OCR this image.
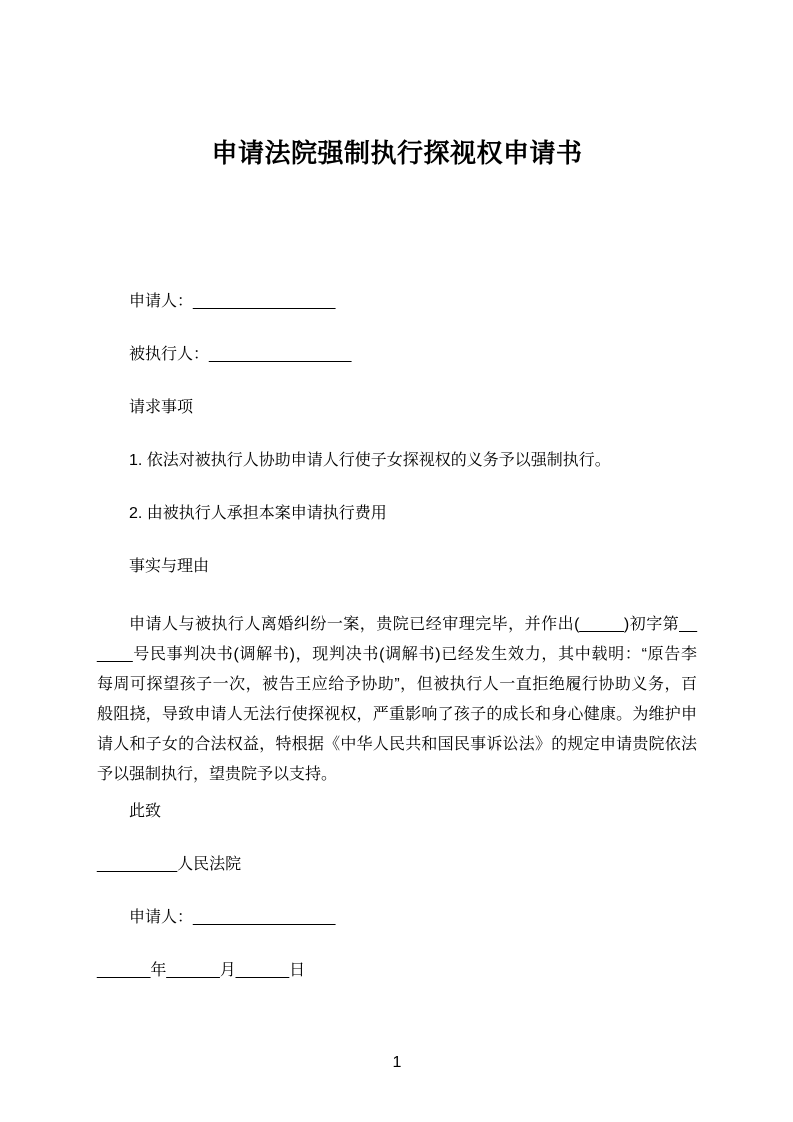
申请法院强制执行探视权申请书

申请人：________________

被执行人：________________

请求事项

1. 依法对被执行人协助申请人行使子女探视权的义务予以强制执行。

2. 由被执行人承担本案申请执行费用

事实与理由

申请人与被执行人离婚纠纷一案，贵院已经审理完毕，并作出(_____)初字第__
____号民事判决书(调解书)，现判决书(调解书)已经发生效力，其中载明：“原告李
每周可探望孩子一次，被告王应给予协助”，但被执行人一直拒绝履行协助义务，百
般阻挠，导致申请人无法行使探视权，严重影响了孩子的成长和身心健康。为维护申
请人和子女的合法权益，特根据《中华人民共和国民事诉讼法》的规定申请贵院依法
予以强制执行，望贵院予以支持。

此致

_________人民法院

申请人：________________

______年______月______日

1
